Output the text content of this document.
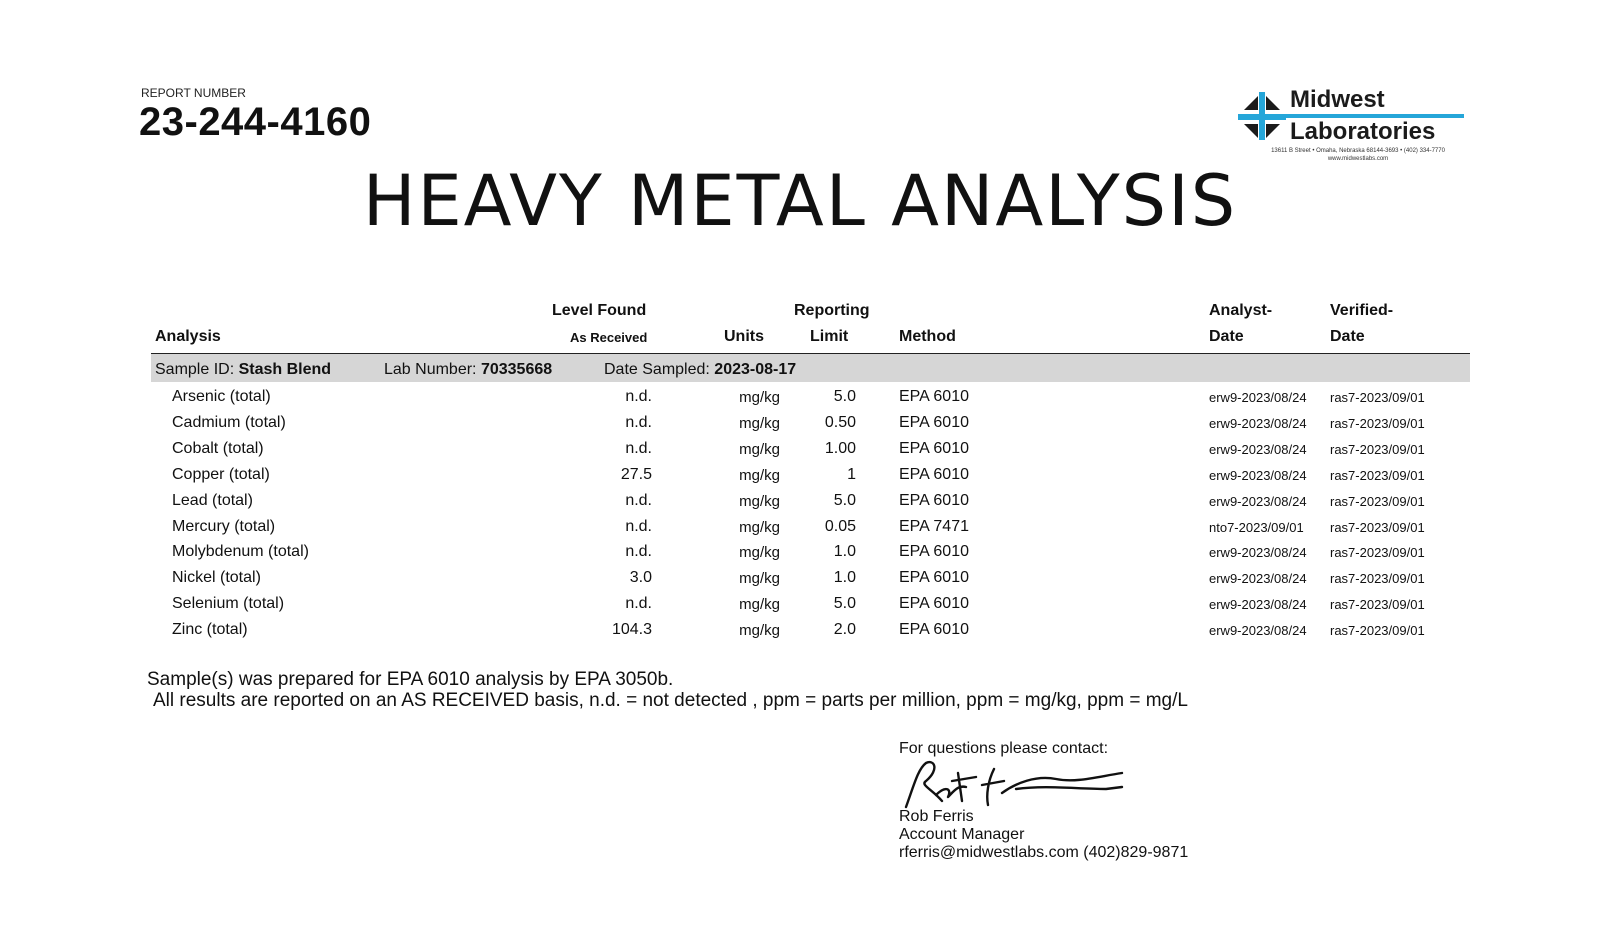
REPORT NUMBER
23-244-4160
HEAVY METAL ANALYSIS
Midwest
Laboratories
13611 B Street • Omaha, Nebraska 68144-3693 • (402) 334-7770
www.midwestlabs.com
Analysis
Level Found
As Received	Units
Reporting
Limit	Method
Analyst-
Date
Verified-
Date
Sample ID: Stash Blend	Lab Number: 70335668	Date Sampled: 2023-08-17
Arsenic (total)	n.d.	mg/kg	5.0	EPA 6010	erw9-2023/08/24 ras7-2023/09/01
Cadmium (total)	n.d.	mg/kg	0.50	EPA 6010	erw9-2023/08/24 ras7-2023/09/01
Cobalt (total)	n.d.	mg/kg	1.00	EPA 6010	erw9-2023/08/24 ras7-2023/09/01
Copper (total)	27.5	mg/kg	1	EPA 6010	erw9-2023/08/24 ras7-2023/09/01
Lead (total)	n.d.	mg/kg	5.0	EPA 6010	erw9-2023/08/24 ras7-2023/09/01
Mercury (total)	n.d.	mg/kg	0.05	EPA 7471	nto7-2023/09/01 ras7-2023/09/01
Molybdenum (total)	n.d.	mg/kg	1.0	EPA 6010	erw9-2023/08/24 ras7-2023/09/01
Nickel (total)	3.0	mg/kg	1.0	EPA 6010	erw9-2023/08/24 ras7-2023/09/01
Selenium (total)	n.d.	mg/kg	5.0	EPA 6010	erw9-2023/08/24 ras7-2023/09/01
Zinc (total)	104.3	mg/kg	2.0	EPA 6010	erw9-2023/08/24 ras7-2023/09/01
Sample(s) was prepared for EPA 6010 analysis by EPA 3050b.
All results are reported on an AS RECEIVED basis, n.d. = not detected , ppm = parts per million, ppm = mg/kg, ppm = mg/L
For questions please contact:
Rob Ferris
Account Manager
rferris@midwestlabs.com (402)829-9871
